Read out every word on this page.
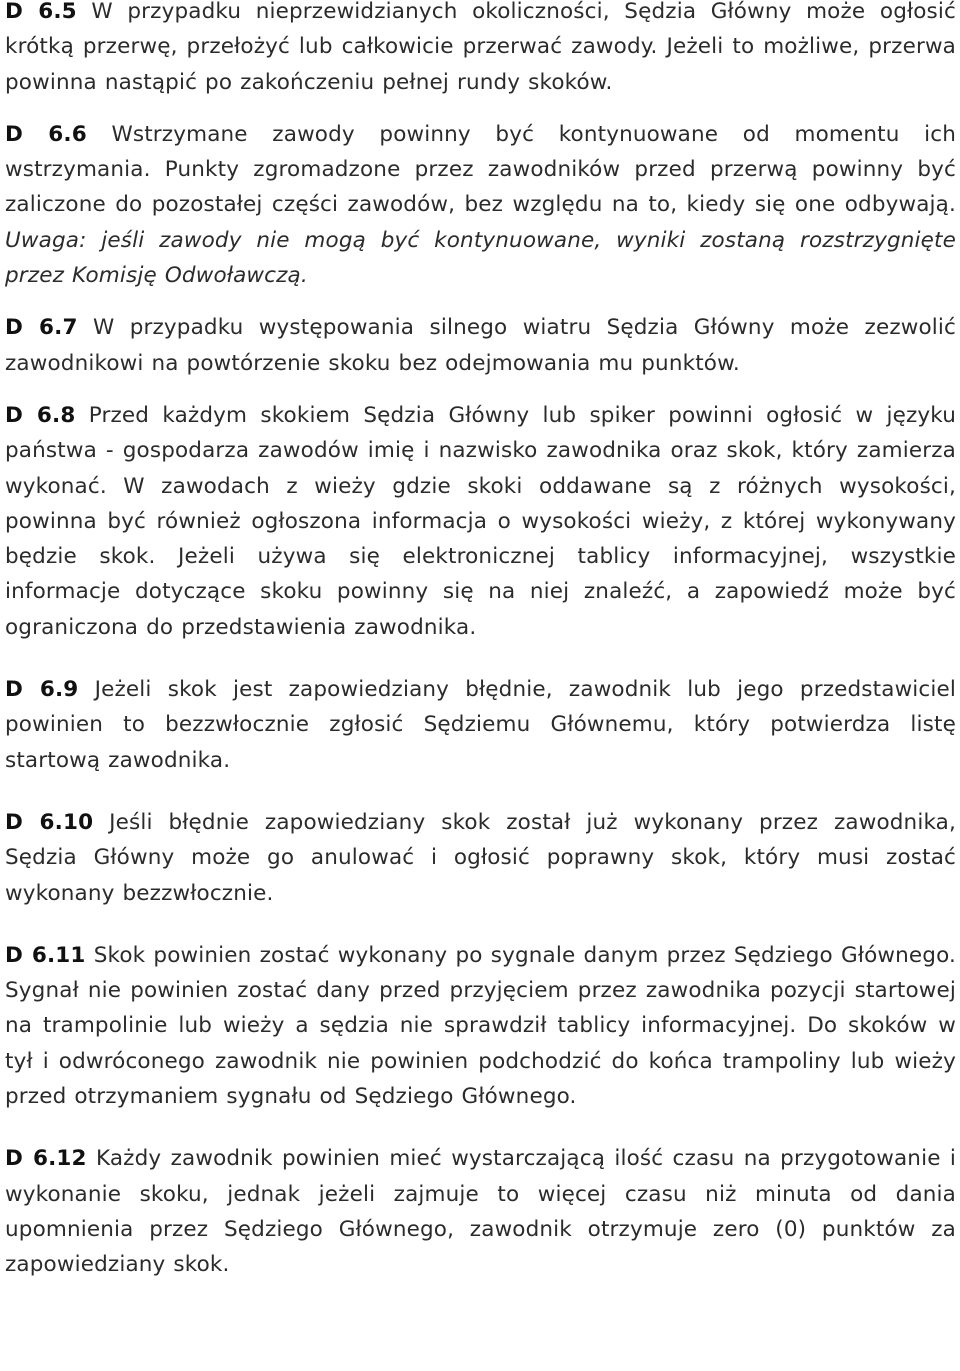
D 6.5 W przypadku nieprzewidzianych okoliczności, Sędzia Główny może ogłosić krótką przerwę, przełożyć lub całkowicie przerwać zawody. Jeżeli to możliwe, przerwa powinna nastąpić po zakończeniu pełnej rundy skoków.

D 6.6 Wstrzymane zawody powinny być kontynuowane od momentu ich wstrzymania. Punkty zgromadzone przez zawodników przed przerwą powinny być zaliczone do pozostałej części zawodów, bez względu na to, kiedy się one odbywają. Uwaga: jeśli zawody nie mogą być kontynuowane, wyniki zostaną rozstrzygnięte przez Komisję Odwoławczą.

D 6.7 W przypadku występowania silnego wiatru Sędzia Główny może zezwolić zawodnikowi na powtórzenie skoku bez odejmowania mu punktów.

D 6.8 Przed każdym skokiem Sędzia Główny lub spiker powinni ogłosić w języku państwa - gospodarza zawodów imię i nazwisko zawodnika oraz skok, który zamierza wykonać. W zawodach z wieży gdzie skoki oddawane są z różnych wysokości, powinna być również ogłoszona informacja o wysokości wieży, z której wykonywany będzie skok. Jeżeli używa się elektronicznej tablicy informacyjnej, wszystkie informacje dotyczące skoku powinny się na niej znaleźć, a zapowiedź może być ograniczona do przedstawienia zawodnika.

D 6.9 Jeżeli skok jest zapowiedziany błędnie, zawodnik lub jego przedstawiciel powinien to bezzwłocznie zgłosić Sędziemu Głównemu, który potwierdza listę startową zawodnika.

D 6.10 Jeśli błędnie zapowiedziany skok został już wykonany przez zawodnika, Sędzia Główny może go anulować i ogłosić poprawny skok, który musi zostać wykonany bezzwłocznie.

D 6.11 Skok powinien zostać wykonany po sygnale danym przez Sędziego Głównego. Sygnał nie powinien zostać dany przed przyjęciem przez zawodnika pozycji startowej na trampolinie lub wieży a sędzia nie sprawdził tablicy informacyjnej. Do skoków w tył i odwróconego zawodnik nie powinien podchodzić do końca trampoliny lub wieży przed otrzymaniem sygnału od Sędziego Głównego.

D 6.12 Każdy zawodnik powinien mieć wystarczającą ilość czasu na przygotowanie i wykonanie skoku, jednak jeżeli zajmuje to więcej czasu niż minuta od dania upomnienia przez Sędziego Głównego, zawodnik otrzymuje zero (0) punktów za zapowiedziany skok.
